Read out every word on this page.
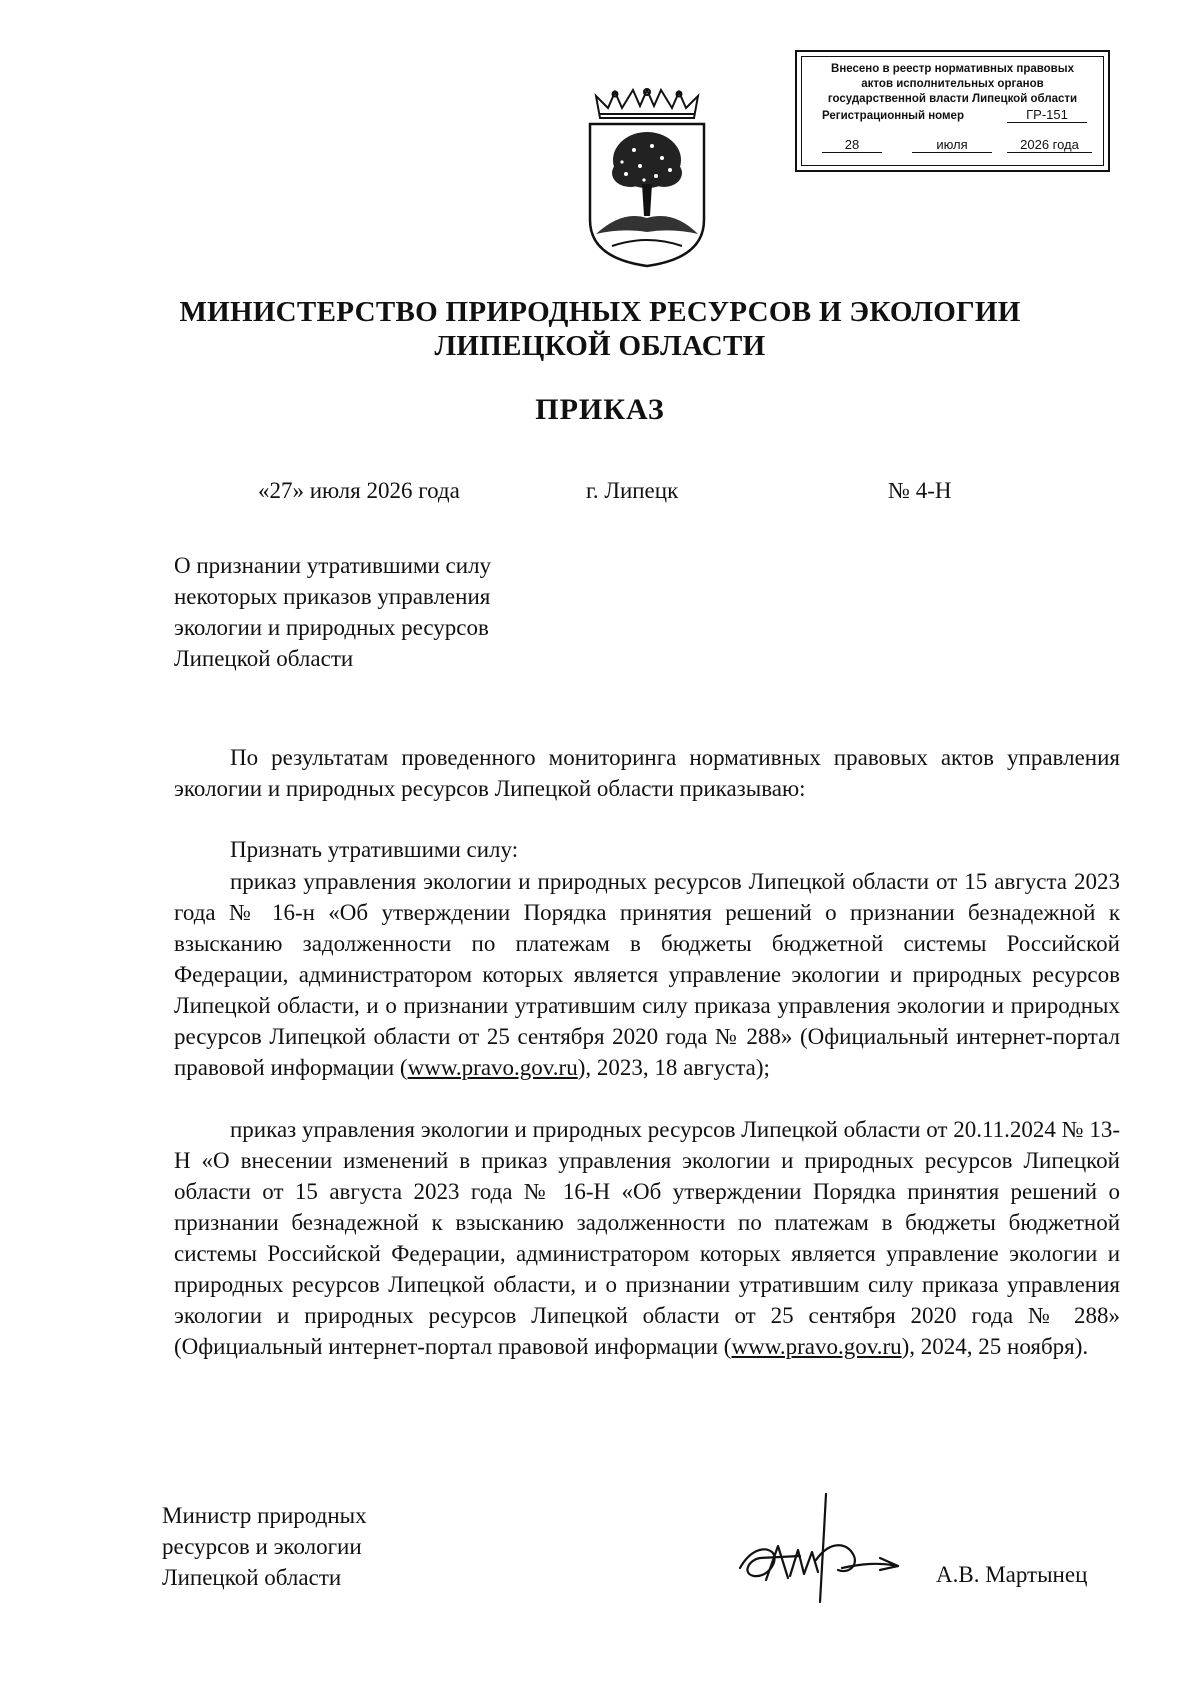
Внесено в реестр нормативных правовых
актов исполнительных органов
государственной власти Липецкой области
Регистрационный номер	ГР-151
28	июля	2026 года
МИНИСТЕРСТВО ПРИРОДНЫХ РЕСУРСОВ И ЭКОЛОГИИ
ЛИПЕЦКОЙ ОБЛАСТИ
ПРИКАЗ
«27» июля 2026 года	г. Липецк	№ 4-Н
О признании утратившими силу
некоторых приказов управления
экологии и природных ресурсов
Липецкой области
По результатам проведенного мониторинга нормативных правовых актов управления экологии и природных ресурсов Липецкой области приказываю:
Признать утратившими силу:
приказ управления экологии и природных ресурсов Липецкой области от 15 августа 2023 года № 16-н «Об утверждении Порядка принятия решений о признании безнадежной к взысканию задолженности по платежам в бюджеты бюджетной системы Российской Федерации, администратором которых является управление экологии и природных ресурсов Липецкой области, и о признании утратившим силу приказа управления экологии и природных ресурсов Липецкой области от 25 сентября 2020 года № 288» (Официальный интернет-портал правовой информации (www.pravo.gov.ru), 2023, 18 августа);
приказ управления экологии и природных ресурсов Липецкой области от 20.11.2024 № 13-Н «О внесении изменений в приказ управления экологии и природных ресурсов Липецкой области от 15 августа 2023 года № 16-Н «Об утверждении Порядка принятия решений о признании безнадежной к взысканию задолженности по платежам в бюджеты бюджетной системы Российской Федерации, администратором которых является управление экологии и природных ресурсов Липецкой области, и о признании утратившим силу приказа управления экологии и природных ресурсов Липецкой области от 25 сентября 2020 года № 288» (Официальный интернет-портал правовой информации (www.pravo.gov.ru), 2024, 25 ноября).
Министр природных
ресурсов и экологии
Липецкой области	А.В. Мартынец
